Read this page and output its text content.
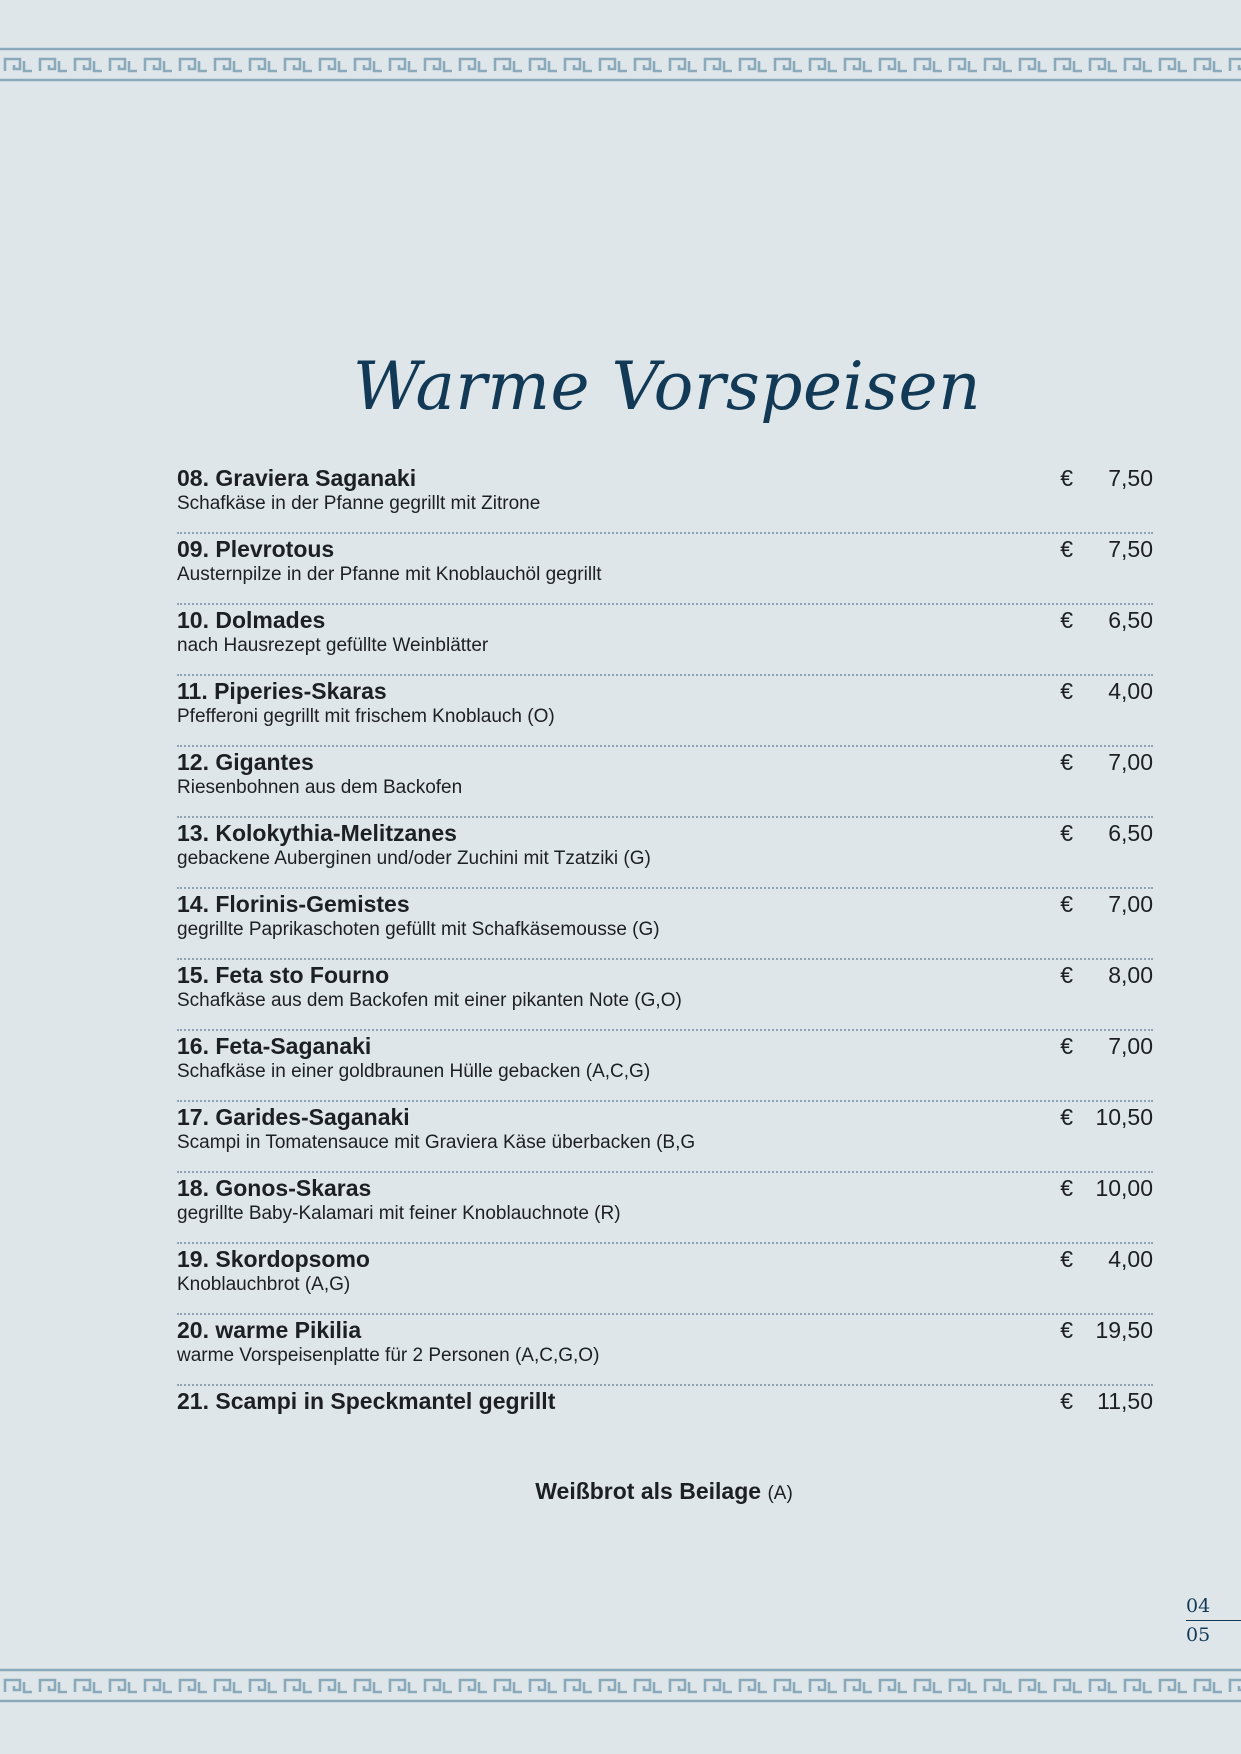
Warme Vorspeisen
08. Graviera Saganaki
Schafkäse in der Pfanne gegrillt mit Zitrone
€	7,50
09. Plevrotous
Austernpilze in der Pfanne mit Knoblauchöl gegrillt
€	7,50
10. Dolmades
nach Hausrezept gefüllte Weinblätter
€	6,50
11. Piperies-Skaras
Pfefferoni gegrillt mit frischem Knoblauch (O)
€	4,00
12. Gigantes
Riesenbohnen aus dem Backofen
€	7,00
13. Kolokythia-Melitzanes
gebackene Auberginen und/oder Zuchini mit Tzatziki (G)
€	6,50
14. Florinis-Gemistes
gegrillte Paprikaschoten gefüllt mit Schafkäsemousse (G)
€	7,00
15. Feta sto Fourno
Schafkäse aus dem Backofen mit einer pikanten Note (G,O)
€	8,00
16. Feta-Saganaki
Schafkäse in einer goldbraunen Hülle gebacken (A,C,G)
€	7,00
17. Garides-Saganaki
Scampi in Tomatensauce mit Graviera Käse überbacken (B,G
€ 10,50
18. Gonos-Skaras
gegrillte Baby-Kalamari mit feiner Knoblauchnote (R)
€ 10,00
19. Skordopsomo
Knoblauchbrot (A,G)
€	4,00
20. warme Pikilia
warme Vorspeisenplatte für 2 Personen (A,C,G,O)
€ 19,50
21. Scampi in Speckmantel gegrillt	€	11,50
Weißbrot als Beilage (A)
04
05
